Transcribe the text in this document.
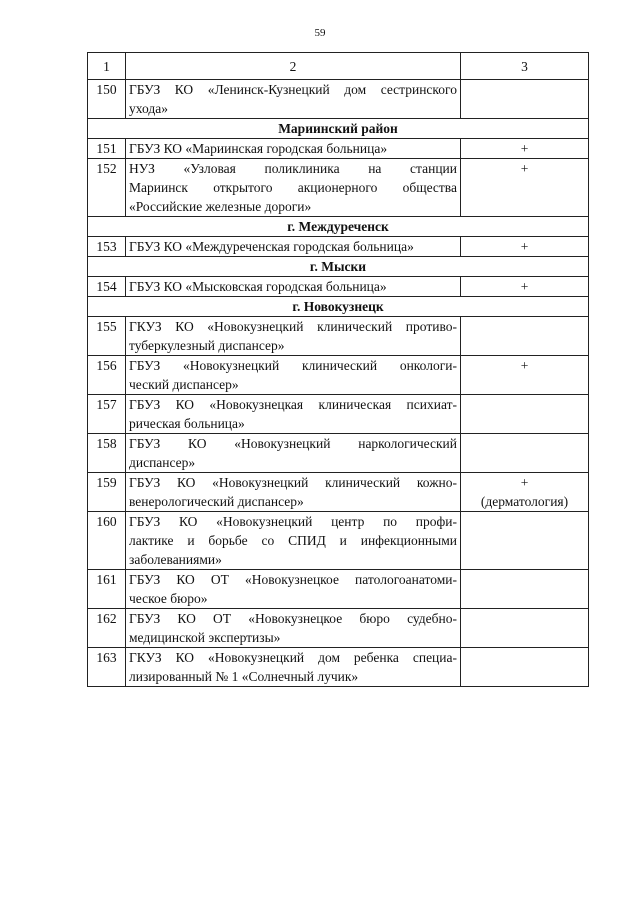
59
1	2	3
150	ГБУЗ КО «Ленинск-Кузнецкий дом сестринского
ухода»	

Мариинский район		
151	ГБУЗ КО «Мариинская городская больница»	+

152	НУЗ «Узловая поликлиника на станции
Мариинск открытого акционерного общества
«Российские железные дороги»	+

г. Междуреченск		
153	ГБУЗ КО «Междуреченская городская больница»	+

г. Мыски		
154	ГБУЗ КО «Мысковская городская больница»	+

г. Новокузнецк		
155	ГКУЗ КО «Новокузнецкий клинический противо-
туберкулезный диспансер»	

156	ГБУЗ «Новокузнецкий клинический онкологи-
ческий диспансер»	+

157	ГБУЗ КО «Новокузнецкая клиническая психиат-
рическая больница»	

158	ГБУЗ КО «Новокузнецкий наркологический
диспансер»	

159	ГБУЗ КО «Новокузнецкий клинический кожно-
венерологический диспансер»	+
(дерматология)

160	ГБУЗ КО «Новокузнецкий центр по профи-
лактике и борьбе со СПИД и инфекционными
заболеваниями»	

161	ГБУЗ КО ОТ «Новокузнецкое патологоанатоми-
ческое бюро»	

162	ГБУЗ КО ОТ «Новокузнецкое бюро судебно-
медицинской экспертизы»	

163	ГКУЗ КО «Новокузнецкий дом ребенка специа-
лизированный № 1 «Солнечный лучик»	
